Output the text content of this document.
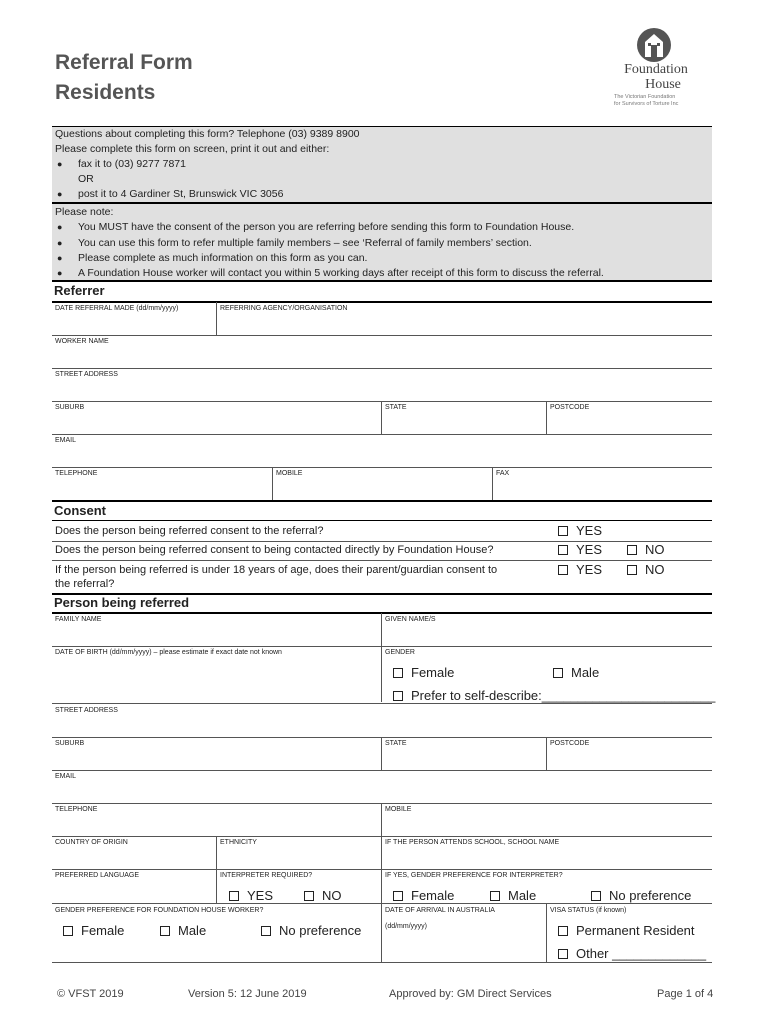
Referral Form
Residents
Foundation
House
The Victorian Foundation
for Survivors of Torture Inc
Questions about completing this form? Telephone (03) 9389 8900
Please complete this form on screen, print it out and either:
● fax it to (03) 9277 7871
OR
● post it to 4 Gardiner St, Brunswick VIC 3056
Please note:
● You MUST have the consent of the person you are referring before sending this form to Foundation House.
● You can use this form to refer multiple family members – see ‘Referral of family members’ section.
● Please complete as much information on this form as you can.
● A Foundation House worker will contact you within 5 working days after receipt of this form to discuss the referral.
Referrer
DATE REFERRAL MADE (dd/mm/yyyy)	REFERRING AGENCY/ORGANISATION
WORKER NAME
STREET ADDRESS
SUBURB	STATE	POSTCODE
EMAIL
TELEPHONE	MOBILE	FAX
Consent
Does the person being referred consent to the referral?	YES
Does the person being referred consent to being contacted directly by Foundation House?	YES	NO
If the person being referred is under 18 years of age, does their parent/guardian consent to
the referral?
YES	NO
Person being referred
FAMILY NAME	GIVEN NAME/S
DATE OF BIRTH (dd/mm/yyyy) – please estimate if exact date not known	GENDER
Female	Male
Prefer to self-describe:________________________
STREET ADDRESS
SUBURB	STATE	POSTCODE
EMAIL
TELEPHONE	MOBILE
COUNTRY OF ORIGIN	ETHNICITY	IF THE PERSON ATTENDS SCHOOL, SCHOOL NAME
PREFERRED LANGUAGE	INTERPRETER REQUIRED?	IF YES, GENDER PREFERENCE FOR INTERPRETER?
YES	NO	Female	Male	No preference
GENDER PREFERENCE FOR FOUNDATION HOUSE WORKER?	DATE OF ARRIVAL IN AUSTRALIA	VISA STATUS (if known)
Female	Male	No preference	(dd/mm/yyyy)	Permanent Resident
Other _____________
© VFST 2019	Version 5: 12 June 2019	Approved by: GM Direct Services	Page 1 of 4
